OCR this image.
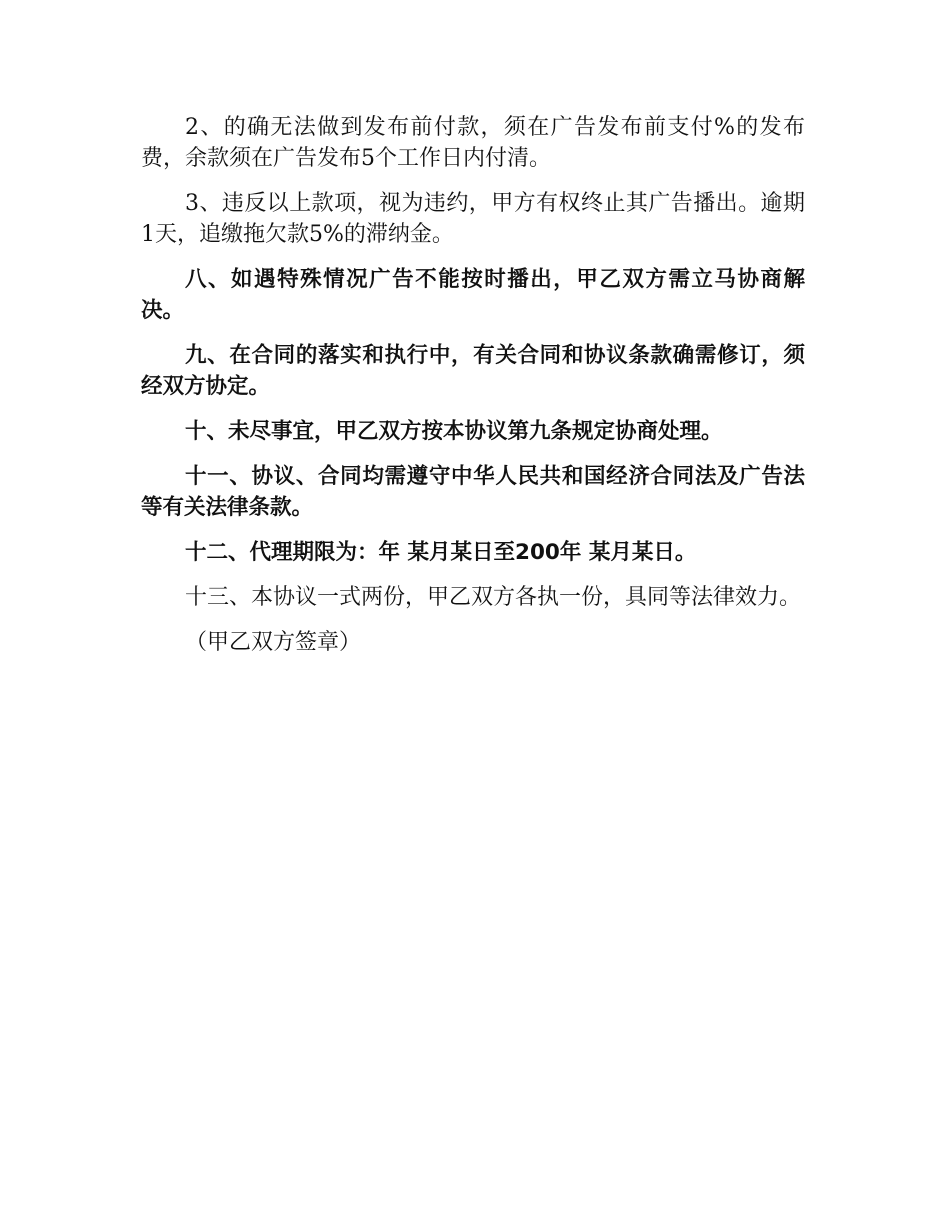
2、的确无法做到发布前付款，须在广告发布前支付%的发布费，余款须在广告发布5个工作日内付清。

3、违反以上款项，视为违约，甲方有权终止其广告播出。逾期1天，追缴拖欠款5%的滞纳金。

八、如遇特殊情况广告不能按时播出，甲乙双方需立马协商解决。

九、在合同的落实和执行中，有关合同和协议条款确需修订，须经双方协定。

十、未尽事宜，甲乙双方按本协议第九条规定协商处理。

十一、协议、合同均需遵守中华人民共和国经济合同法及广告法等有关法律条款。

十二、代理期限为：年 某月某日至200年 某月某日。

十三、本协议一式两份，甲乙双方各执一份，具同等法律效力。

（甲乙双方签章）
